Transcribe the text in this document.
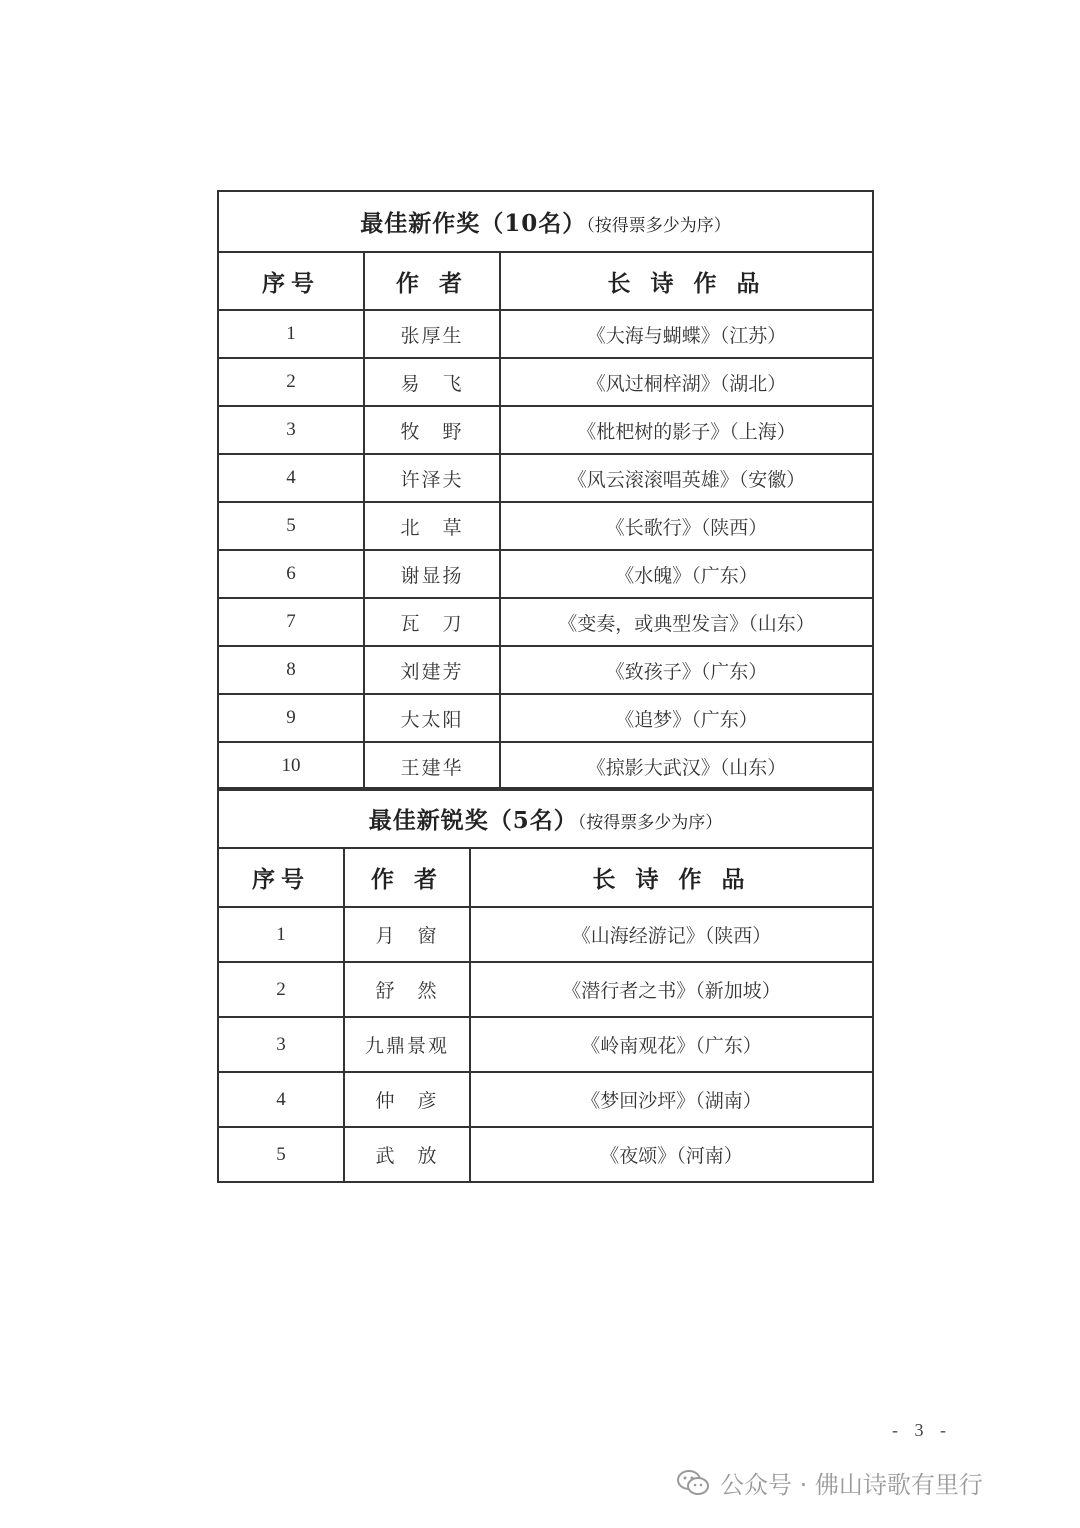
最佳新作奖（10名）（按得票多少为序）		
序号	作 者	长 诗 作 品
1	张厚生	《大海与蝴蝶》（江苏）
2	易　飞	《风过桐梓湖》（湖北）
3	牧　野	《枇杷树的影子》（上海）
4	许泽夫	《风云滚滚唱英雄》（安徽）
5	北　草	《长歌行》（陕西）
6	谢显扬	《水魄》（广东）
7	瓦　刀	《变奏，或典型发言》（山东）
8	刘建芳	《致孩子》（广东）
9	大太阳	《追梦》（广东）
10	王建华	《掠影大武汉》（山东）
最佳新锐奖（5名）（按得票多少为序）		
序号	作 者	长 诗 作 品
1	月　窗	《山海经游记》（陕西）
2	舒　然	《潜行者之书》（新加坡）
3	九鼎景观	《岭南观花》（广东）
4	仲　彦	《梦回沙坪》（湖南）
5	武　放	《夜颂》（河南）
- 3 -
公众号 · 佛山诗歌有里行
